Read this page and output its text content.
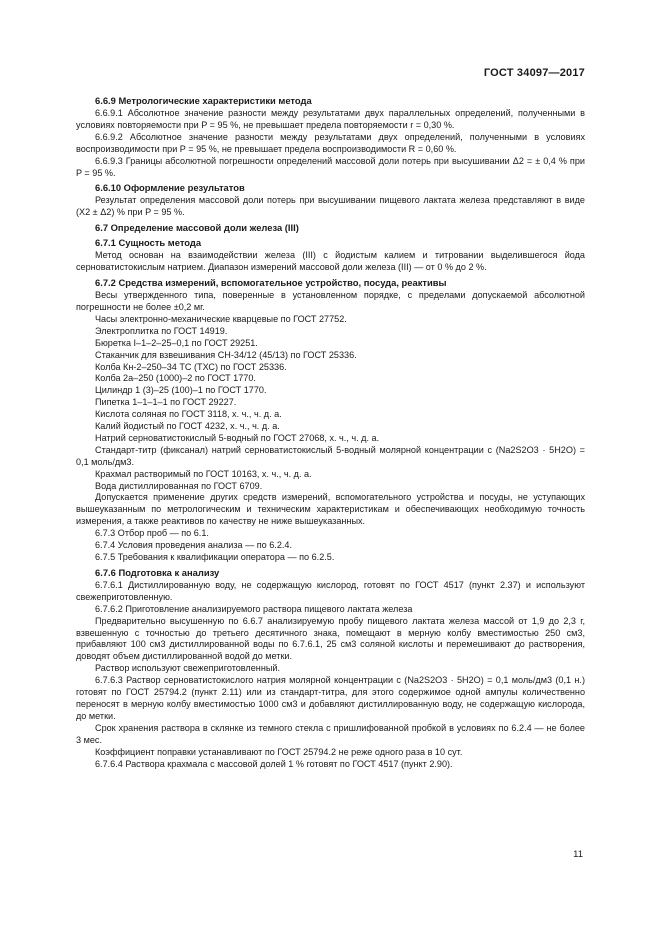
ГОСТ 34097—2017
6.6.9 Метрологические характеристики метода

6.6.9.1 Абсолютное значение разности между результатами двух параллельных определений, полученными в условиях повторяемости при P = 95 %, не превышает предела повторяемости r = 0,30 %.

6.6.9.2 Абсолютное значение разности между результатами двух определений, полученными в условиях воспроизводимости при P = 95 %, не превышает предела воспроизводимости R = 0,60 %.

6.6.9.3 Границы абсолютной погрешности определений массовой доли потерь при высушивании Δ2 = ± 0,4 % при P = 95 %.

6.6.10 Оформление результатов

Результат определения массовой доли потерь при высушивании пищевого лактата железа представляют в виде (X2 ± Δ2) % при P = 95 %.

6.7 Определение массовой доли железа (III)
6.7.1 Сущность метода

Метод основан на взаимодействии железа (III) с йодистым калием и титровании выделившегося йода серноватистокислым натрием. Диапазон измерений массовой доли железа (III) — от 0 % до 2 %.

6.7.2 Средства измерений, вспомогательное устройство, посуда, реактивы

Весы утвержденного типа, поверенные в установленном порядке, с пределами допускаемой абсолютной погрешности не более ±0,2 мг.

Часы электронно-механические кварцевые по ГОСТ 27752.

Электроплитка по ГОСТ 14919.

Бюретка I–1–2–25–0,1 по ГОСТ 29251.

Стаканчик для взвешивания СН-34/12 (45/13) по ГОСТ 25336.

Колба Кн-2–250–34 ТС (ТХС) по ГОСТ 25336.

Колба 2а–250 (1000)–2 по ГОСТ 1770.

Цилиндр 1 (3)–25 (100)–1 по ГОСТ 1770.

Пипетка 1–1–1–1 по ГОСТ 29227.

Кислота соляная по ГОСТ 3118, х. ч., ч. д. а.

Калий йодистый по ГОСТ 4232, х. ч., ч. д. а.

Натрий серноватистокислый 5-водный по ГОСТ 27068, х. ч., ч. д. а.

Стандарт-титр (фиксанал) натрий серноватистокислый 5-водный молярной концентрации c (Na2S2O3 · 5H2O) = 0,1 моль/дм3.

Крахмал растворимый по ГОСТ 10163, х. ч., ч. д. а.

Вода дистиллированная по ГОСТ 6709.

Допускается применение других средств измерений, вспомогательного устройства и посуды, не уступающих вышеуказанным по метрологическим и техническим характеристикам и обеспечивающих необходимую точность измерения, а также реактивов по качеству не ниже вышеуказанных.

6.7.3 Отбор проб — по 6.1.

6.7.4 Условия проведения анализа — по 6.2.4.

6.7.5 Требования к квалификации оператора — по 6.2.5.

6.7.6 Подготовка к анализу

6.7.6.1 Дистиллированную воду, не содержащую кислород, готовят по ГОСТ 4517 (пункт 2.37) и используют свежеприготовленную.

6.7.6.2 Приготовление анализируемого раствора пищевого лактата железа

Предварительно высушенную по 6.6.7 анализируемую пробу пищевого лактата железа массой от 1,9 до 2,3 г, взвешенную с точностью до третьего десятичного знака, помещают в мерную колбу вместимостью 250 см3, прибавляют 100 см3 дистиллированной воды по 6.7.6.1, 25 см3 соляной кислоты и перемешивают до растворения, доводят объем дистиллированной водой до метки.

Раствор используют свежеприготовленный.

6.7.6.3 Раствор серноватистокислого натрия молярной концентрации c (Na2S2O3 · 5H2O) = 0,1 моль/дм3 (0,1 н.) готовят по ГОСТ 25794.2 (пункт 2.11) или из стандарт-титра, для этого содержимое одной ампулы количественно переносят в мерную колбу вместимостью 1000 см3 и добавляют дистиллированную воду, не содержащую кислорода, до метки.

Срок хранения раствора в склянке из темного стекла с пришлифованной пробкой в условиях по 6.2.4 — не более 3 мес.

Коэффициент поправки устанавливают по ГОСТ 25794.2 не реже одного раза в 10 сут.

6.7.6.4 Раствора крахмала с массовой долей 1 % готовят по ГОСТ 4517 (пункт 2.90).

11
